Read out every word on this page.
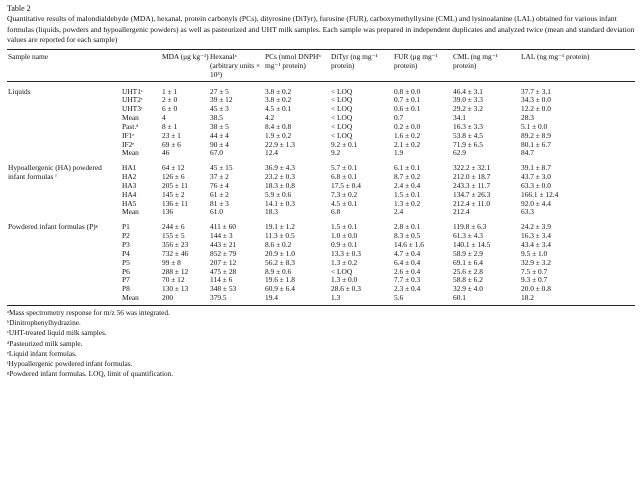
Table 2
Quantitative results of malondialdehyde (MDA), hexanal, protein carbonyls (PCs), dityrosine (DiTyr), furosine (FUR), carboxymethyllysine (CML) and lysinoalanine (LAL) obtained for various infant formulas (liquids, powders and hypoallergenic powders) as well as pasteurized and UHT milk samples. Each sample was prepared in independent duplicates and analyzed twice (mean and standard deviation values are reported for each sample)
Sample name		MDA (μg kg⁻¹)	Hexanalᵃ (arbitrary units × 10³)	PCs (nmol DNPHᵇ mg⁻¹ protein)	DiTyr (ng mg⁻¹ protein)	FUR (μg mg⁻¹ protein)	CML (ng mg⁻¹ protein)	LAL (ng mg⁻¹ protein)

Liquids	UHT1ᶜ	1 ± 1	27 ± 5	3.8 ± 0.2	< LOQ	0.8 ± 0.0	46.4 ± 3.1	37.7 ± 3.1
	UHT2ᶜ	2 ± 0	39 ± 12	3.8 ± 0.2	< LOQ	0.7 ± 0.1	39.0 ± 3.3	34.3 ± 0.0
	UHT3ᶜ	6 ± 0	45 ± 3	4.5 ± 0.1	< LOQ	0.6 ± 0.1	29.2 ± 3.2	12.2 ± 0.0
	Mean	4	38.5	4.2	< LOQ	0.7	34.1	28.3
	Past.ᵈ	8 ± 1	38 ± 5	8.4 ± 0.8	< LOQ	0.2 ± 0.0	16.3 ± 3.3	5.1 ± 0.0
	IF1ᵉ	23 ± 1	44 ± 4	1.9 ± 0.2	< LOQ	1.6 ± 0.2	53.8 ± 4.5	89.2 ± 8.9
	IF2ᵉ	69 ± 6	90 ± 4	22.9 ± 1.3	9.2 ± 0.1	2.1 ± 0.2	71.9 ± 6.5	80.1 ± 6.7
	Mean	46	67.0	12.4	9.2	1.9	62.9	84.7

Hypoallergenic (HA) powdered infant formulas ᶠ	HA1	64 ± 12	45 ± 15	36.9 ± 4.3	5.7 ± 0.1	6.1 ± 0.1	322.2 ± 32.1	39.1 ± 8.7
	HA2	126 ± 6	37 ± 2	23.2 ± 0.3	6.8 ± 0.1	8.7 ± 0.2	212.0 ± 18.7	43.7 ± 3.0
	HA3	205 ± 11	76 ± 4	18.3 ± 0.8	17.5 ± 0.4	2.4 ± 0.4	243.3 ± 11.7	63.3 ± 0.0
	HA4	145 ± 2	61 ± 2	5.9 ± 0.6	7.3 ± 0.2	1.5 ± 0.1	134.7 ± 26.3	166.1 ± 12.4
	HA5	136 ± 11	81 ± 3	14.1 ± 0.3	4.5 ± 0.1	1.3 ± 0.2	212.4 ± 11.0	92.0 ± 4.4
	Mean	136	61.0	18.3	6.8	2.4	212.4	63.3

Powdered infant formulas (P)ᵍ	P1	244 ± 6	411 ± 60	19.1 ± 1.2	1.5 ± 0.1	2.8 ± 0.1	119.8 ± 6.3	24.2 ± 3.9
	P2	155 ± 5	144 ± 3	11.3 ± 0.5	1.0 ± 0.0	8.3 ± 0.5	61.3 ± 4.3	16.3 ± 3.4
	P3	356 ± 23	443 ± 21	8.6 ± 0.2	0.9 ± 0.1	14.6 ± 1.6	140.1 ± 14.5	43.4 ± 3.4
	P4	732 ± 46	852 ± 79	20.9 ± 1.0	13.3 ± 0.3	4.7 ± 0.4	58.9 ± 2.9	9.5 ± 1.0
	P5	99 ± 8	207 ± 12	56.2 ± 8.3	1.3 ± 0.2	6.4 ± 0.4	69.1 ± 6.4	32.9 ± 3.2
	P6	288 ± 12	475 ± 28	8.9 ± 0.6	< LOQ	2.6 ± 0.4	25.6 ± 2.8	7.5 ± 0.7
	P7	70 ± 12	114 ± 6	19.6 ± 1.8	1.3 ± 0.0	7.7 ± 0.3	58.8 ± 6.2	9.3 ± 0.7
	P8	130 ± 13	348 ± 53	60.9 ± 6.4	28.6 ± 0.3	2.3 ± 0.4	32.9 ± 4.0	20.0 ± 0.8
	Mean	200	379.5	19.4	1.3	5.6	60.1	18.2

ᵃMass spectrometry response for m/z 56 was integrated.
ᵇDinitrophenylhydrazine.
ᶜUHT-treated liquid milk samples.
ᵈPasteurized milk sample.
ᵉLiquid infant formulas.
ᶠHypoallergenic powdered infant formulas.
ᵍPowdered infant formulas. LOQ, limit of quantification.
